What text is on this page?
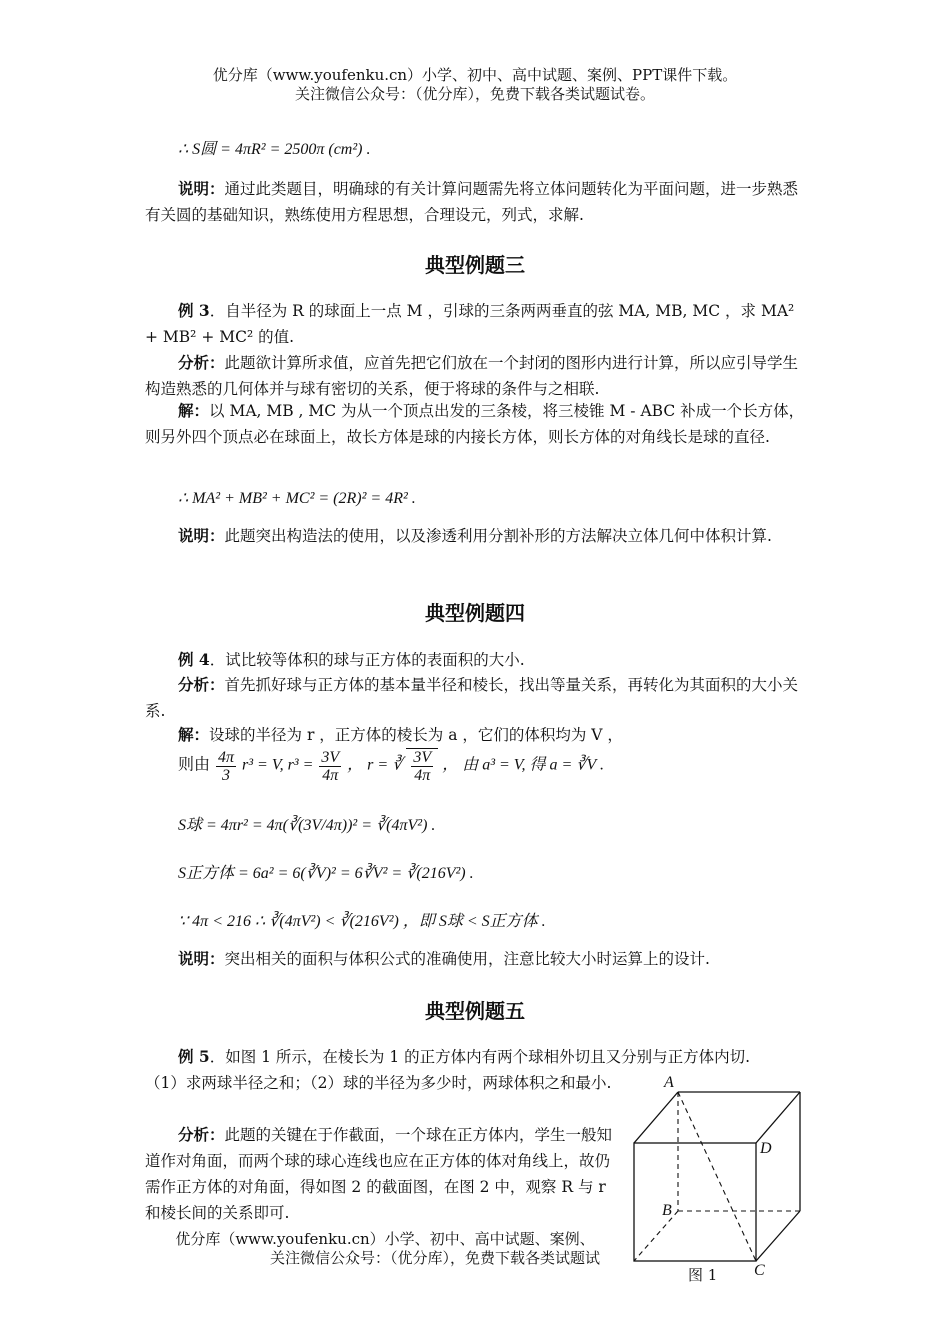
优分库（www.youfenku.cn）小学、初中、高中试题、案例、PPT课件下载。
关注微信公众号：（优分库），免费下载各类试题试卷。
∴ S圆 = 4πR² = 2500π (cm²) .
说明：通过此类题目，明确球的有关计算问题需先将立体问题转化为平面问题，进一步熟悉有关圆的基础知识，熟练使用方程思想，合理设元，列式，求解.
典型例题三
例 3．自半径为 R 的球面上一点 M ，引球的三条两两垂直的弦 MA, MB, MC ，求 MA² + MB² + MC² 的值.
分析：此题欲计算所求值，应首先把它们放在一个封闭的图形内进行计算，所以应引导学生构造熟悉的几何体并与球有密切的关系，便于将球的条件与之相联.
解：以 MA, MB , MC 为从一个顶点出发的三条棱，将三棱锥 M - ABC 补成一个长方体，则另外四个顶点必在球面上，故长方体是球的内接长方体，则长方体的对角线长是球的直径.
∴ MA² + MB² + MC² = (2R)² = 4R² .
说明：此题突出构造法的使用，以及渗透利用分割补形的方法解决立体几何中体积计算.
典型例题四
例 4．试比较等体积的球与正方体的表面积的大小.
分析：首先抓好球与正方体的基本量半径和棱长，找出等量关系，再转化为其面积的大小关系.
解：设球的半径为 r ，正方体的棱长为 a ，它们的体积均为 V ，
则由 $\frac{4\pi}{3} r^3 = V$, $r^3 = \frac{3V}{4\pi}$ ， r = ∛ $\frac{3V}{4\pi}$ ， 由 a³ = V, 得 a = ∛V .
S球 = 4πr² = 4π(∛(3V/4π))² = ∛(4πV²) .
S正方体 = 6a² = 6(∛V)² = 6∛V² = ∛(216V²) .
∵ 4π < 216 ∴ ∛(4πV²) < ∛(216V²) ，即 S球 < S正方体 .
说明：突出相关的面积与体积公式的准确使用，注意比较大小时运算上的设计.
典型例题五
例 5．如图 1 所示，在棱长为 1 的正方体内有两个球相外切且又分别与正方体内切.
（1）求两球半径之和；（2）球的半径为多少时，两球体积之和最小.
分析：此题的关键在于作截面，一个球在正方体内，学生一般知道作对角面，而两个球的球心连线也应在正方体的体对角线上，故仍需作正方体的对角面，得如图 2 的截面图，在图 2 中，观察 R 与 r 和棱长间的关系即可.
A
D
B
C
图 1
优分库（www.youfenku.cn）小学、初中、高中试题、案例、
关注微信公众号：（优分库），免费下载各类试题试
